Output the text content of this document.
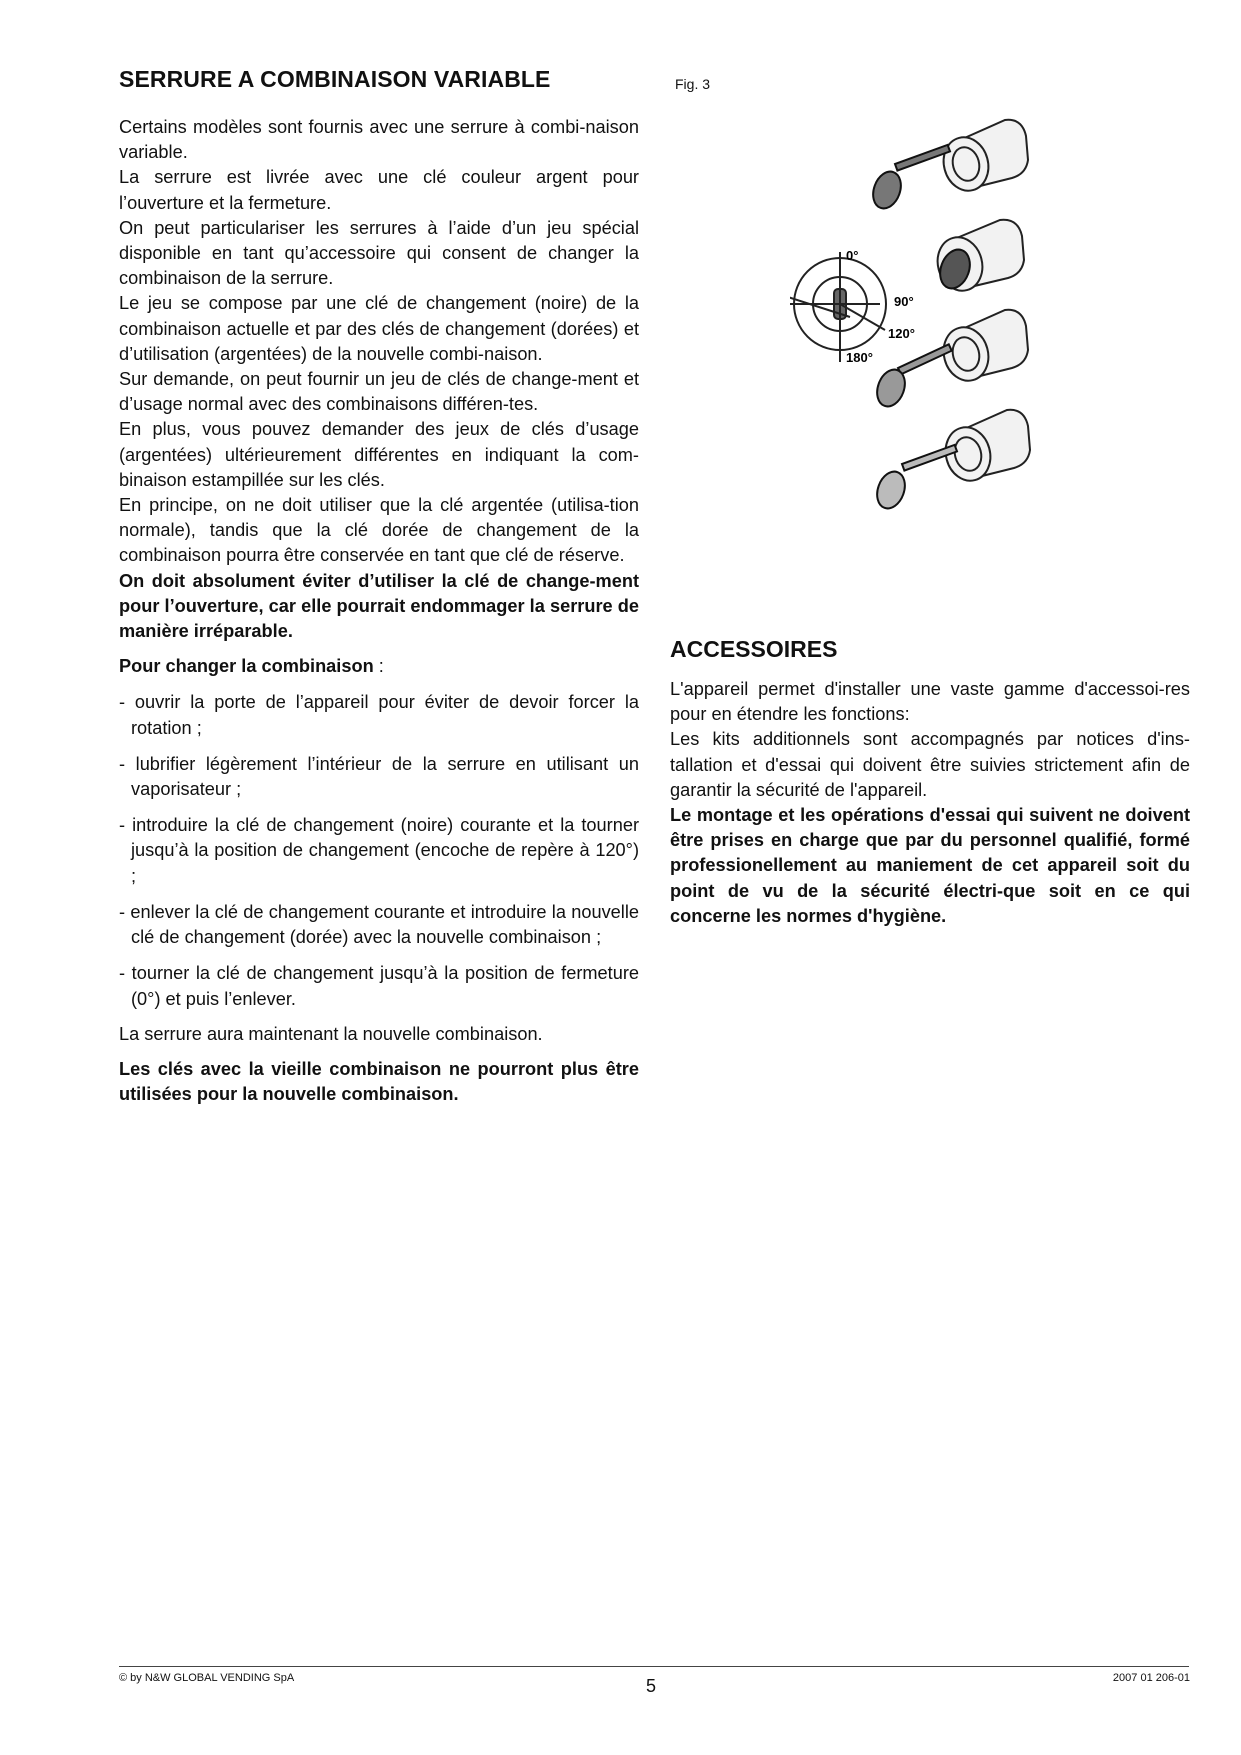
SERRURE A COMBINAISON VARIABLE

Certains modèles sont fournis avec une serrure à combi-naison variable.

La serrure est livrée avec une clé couleur argent pour l’ouverture et la fermeture.

On peut particulariser les serrures à l’aide d’un jeu spécial disponible en tant qu’accessoire qui consent de changer la combinaison de la serrure.

Le jeu se compose par une clé de changement (noire) de la combinaison actuelle et par des clés de changement (dorées) et d’utilisation (argentées) de la nouvelle combi-naison.

Sur demande, on peut fournir un jeu de clés de change-ment et d’usage normal avec des combinaisons différen-tes.

En plus, vous pouvez demander des jeux de clés d’usage (argentées) ultérieurement différentes en indiquant la com-binaison estampillée sur les clés.

En principe, on ne doit utiliser que la clé argentée (utilisa-tion normale), tandis que la clé dorée de changement de la combinaison pourra être conservée en tant que clé de réserve.

On doit absolument éviter d’utiliser la clé de change-ment pour l’ouverture, car elle pourrait endommager la serrure de manière irréparable.

Pour changer la combinaison :

- ouvrir la porte de l’appareil pour éviter de devoir forcer la rotation ;

- lubrifier légèrement l’intérieur de la serrure en utilisant un vaporisateur ;

- introduire la clé de changement (noire) courante et la tourner jusqu’à la position de changement (encoche de repère à 120°) ;

- enlever la clé de changement courante et introduire la nouvelle clé de changement (dorée) avec la nouvelle combinaison ;

- tourner la clé de changement jusqu’à la position de fermeture (0°) et puis l’enlever.

La serrure aura maintenant la nouvelle combinaison.

Les clés avec la vieille combinaison ne pourront plus être utilisées pour la nouvelle combinaison.

Fig. 3
0°
90°
120°
180°
ACCESSOIRES

L'appareil permet d'installer une vaste gamme d'accessoi-res pour en étendre les fonctions:

Les kits additionnels sont accompagnés par notices d'ins-tallation et d'essai qui doivent être suivies strictement afin de garantir la sécurité de l'appareil.

Le montage et les opérations d'essai qui suivent ne doivent être prises en charge que par du personnel qualifié, formé professionellement au maniement de cet appareil soit du point de vu de la sécurité électri-que soit en ce qui concerne les normes d'hygiène.

© by N&W GLOBAL VENDING SpA	5	2007 01 206-01
